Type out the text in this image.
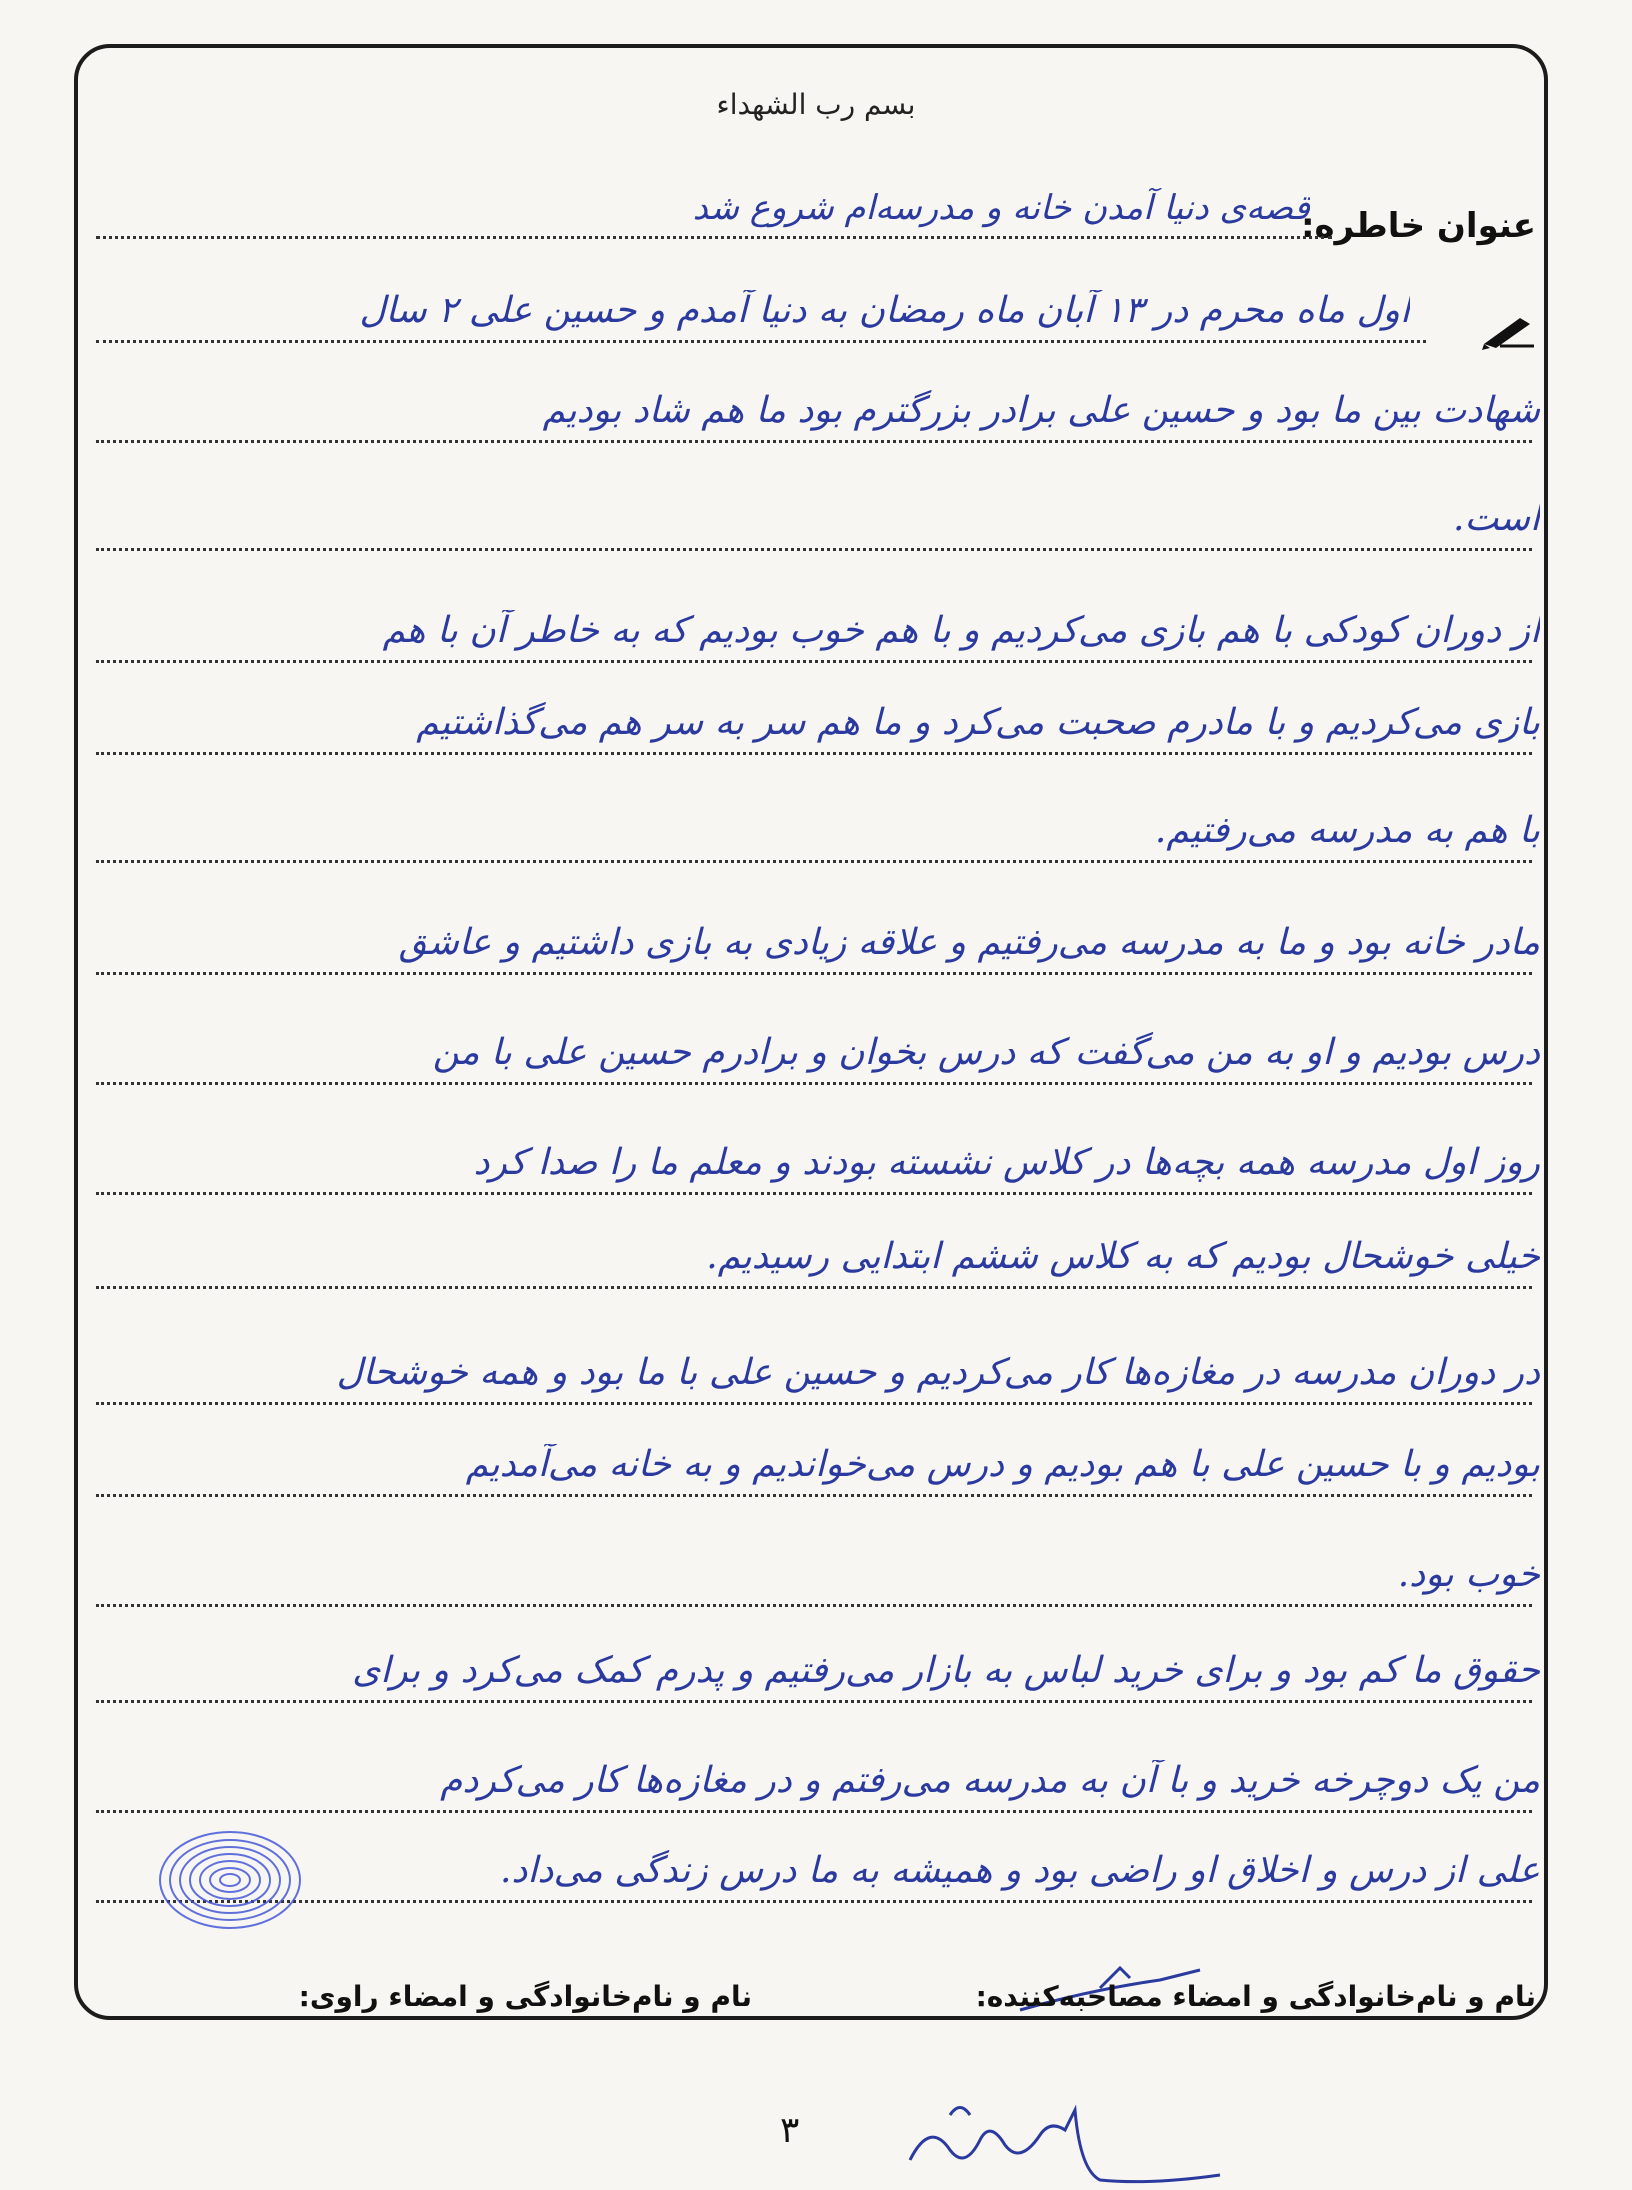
بسم رب الشهداء
عنوان خاطره:
قصه‌ی دنیا آمدن خانه و مدرسه‌ام شروع شد
اول ماه محرم در ۱۳ آبان ماه رمضان به دنیا آمدم و حسین علی ۲ سال
شهادت بین ما بود و حسین علی برادر بزرگترم بود ما هم شاد بودیم
است.
از دوران کودکی با هم بازی می‌کردیم و با هم خوب بودیم که به خاطر آن با هم
بازی می‌کردیم و با مادرم صحبت می‌کرد و ما هم سر به سر هم می‌گذاشتیم
با هم به مدرسه می‌رفتیم.
مادر خانه بود و ما به مدرسه می‌رفتیم و علاقه زیادی به بازی داشتیم و عاشق
درس بودیم و او به من می‌گفت که درس بخوان و برادرم حسین علی با من
روز اول مدرسه همه بچه‌ها در کلاس نشسته بودند و معلم ما را صدا کرد
خیلی خوشحال بودیم که به کلاس ششم ابتدایی رسیدیم.
در دوران مدرسه در مغازه‌ها کار می‌کردیم و حسین علی با ما بود و همه خوشحال
بودیم و با حسین علی با هم بودیم و درس می‌خواندیم و به خانه می‌آمدیم
خوب بود.
حقوق ما کم بود و برای خرید لباس به بازار می‌رفتیم و پدرم کمک می‌کرد و برای
من یک دوچرخه خرید و با آن به مدرسه می‌رفتم و در مغازه‌ها کار می‌کردم
علی از درس و اخلاق او راضی بود و همیشه به ما درس زندگی می‌داد.
نام و نام‌خانوادگی و امضاء مصاحبه‌کننده:
نام و نام‌خانوادگی و امضاء راوی:
۳
